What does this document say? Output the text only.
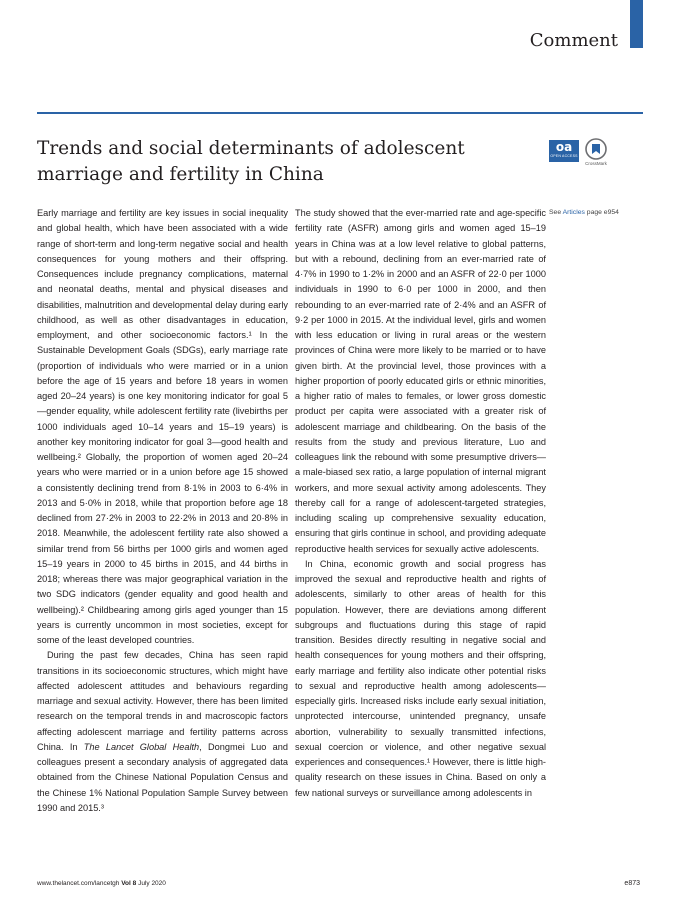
Comment
Trends and social determinants of adolescent marriage and fertility in China
oa
OPEN ACCESS
CrossMark
See Articles page e954

Early marriage and fertility are key issues in social inequality and global health, which have been associated with a wide range of short-term and long-term negative social and health consequences for young mothers and their offspring. Consequences include pregnancy complications, maternal and neonatal deaths, mental and physical diseases and disabilities, malnutrition and developmental delay during early childhood, as well as other disadvantages in education, employment, and other socioeconomic factors.¹ In the Sustainable Development Goals (SDGs), early marriage rate (proportion of individuals who were married or in a union before the age of 15 years and before 18 years in women aged 20–24 years) is one key monitoring indicator for goal 5—gender equality, while adolescent fertility rate (livebirths per 1000 individuals aged 10–14 years and 15–19 years) is another key monitoring indicator for goal 3—good health and wellbeing.² Globally, the proportion of women aged 20–24 years who were married or in a union before age 15 showed a consistently declining trend from 8·1% in 2003 to 6·4% in 2013 and 5·0% in 2018, while that proportion before age 18 declined from 27·2% in 2003 to 22·2% in 2013 and 20·8% in 2018. Meanwhile, the adolescent fertility rate also showed a similar trend from 56 births per 1000 girls and women aged 15–19 years in 2000 to 45 births in 2015, and 44 births in 2018; whereas there was major geographical variation in the two SDG indicators (gender equality and good health and wellbeing).² Childbearing among girls aged younger than 15 years is currently uncommon in most societies, except for some of the least developed countries.

During the past few decades, China has seen rapid transitions in its socioeconomic structures, which might have affected adolescent attitudes and behaviours regarding marriage and sexual activity. However, there has been limited research on the temporal trends in and macroscopic factors affecting adolescent marriage and fertility patterns across China. In The Lancet Global Health, Dongmei Luo and colleagues present a secondary analysis of aggregated data obtained from the Chinese National Population Census and the Chinese 1% National Population Sample Survey between 1990 and 2015.³

The study showed that the ever-married rate and age-specific fertility rate (ASFR) among girls and women aged 15–19 years in China was at a low level relative to global patterns, but with a rebound, declining from an ever-married rate of 4·7% in 1990 to 1·2% in 2000 and an ASFR of 22·0 per 1000 individuals in 1990 to 6·0 per 1000 in 2000, and then rebounding to an ever-married rate of 2·4% and an ASFR of 9·2 per 1000 in 2015. At the individual level, girls and women with less education or living in rural areas or the western provinces of China were more likely to be married or to have given birth. At the provincial level, those provinces with a higher proportion of poorly educated girls or ethnic minorities, a higher ratio of males to females, or lower gross domestic product per capita were associated with a greater risk of adolescent marriage and childbearing. On the basis of the results from the study and previous literature, Luo and colleagues link the rebound with some presumptive drivers—a male-biased sex ratio, a large population of internal migrant workers, and more sexual activity among adolescents. They thereby call for a range of adolescent-targeted strategies, including scaling up comprehensive sexuality education, ensuring that girls continue in school, and providing adequate reproductive health services for sexually active adolescents.

In China, economic growth and social progress has improved the sexual and reproductive health and rights of adolescents, similarly to other areas of health for this population. However, there are deviations among different subgroups and fluctuations during this stage of rapid transition. Besides directly resulting in negative social and health consequences for young mothers and their offspring, early marriage and fertility also indicate other potential risks to sexual and reproductive health among adolescents—especially girls. Increased risks include early sexual initiation, unprotected intercourse, unintended pregnancy, unsafe abortion, vulnerability to sexually transmitted infections, sexual coercion or violence, and other negative sexual experiences and consequences.¹ However, there is little high-quality research on these issues in China. Based on only a few national surveys or surveillance among adolescents in

www.thelancet.com/lancetgh Vol 8 July 2020	e873
